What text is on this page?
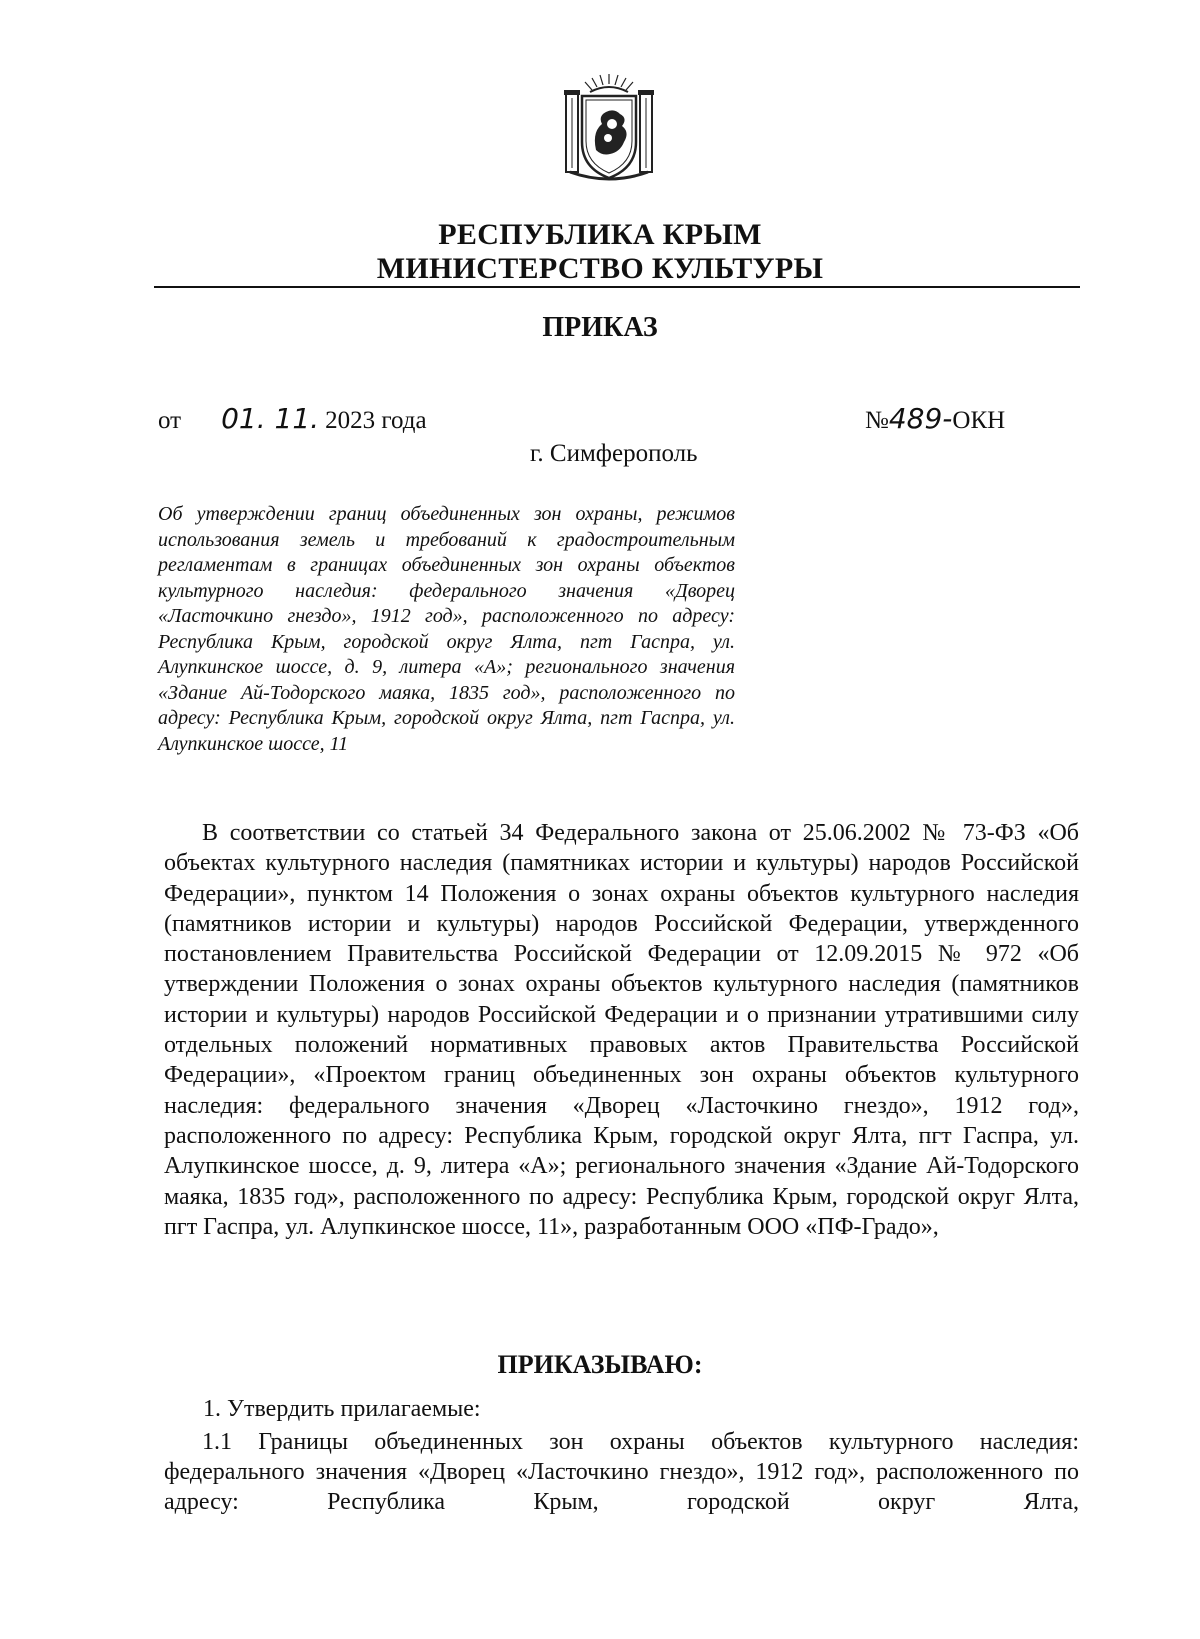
РЕСПУБЛИКА КРЫМ
МИНИСТЕРСТВО КУЛЬТУРЫ
ПРИКАЗ
от 01. 11. 2023 года	№489-ОКН
г. Симферополь
Об утверждении границ объединенных зон охраны, режимов использования земель и требований к градостроительным регламентам в границах объединенных зон охраны объектов культурного наследия: федерального значения «Дворец «Ласточкино гнездо», 1912 год», расположенного по адресу: Республика Крым, городской округ Ялта, пгт Гаспра, ул. Алупкинское шоссе, д. 9, литера «А»; регионального значения «Здание Ай-Тодорского маяка, 1835 год», расположенного по адресу: Республика Крым, городской округ Ялта, пгт Гаспра, ул. Алупкинское шоссе, 11
В соответствии со статьей 34 Федерального закона от 25.06.2002 № 73-ФЗ «Об объектах культурного наследия (памятниках истории и культуры) народов Российской Федерации», пунктом 14 Положения о зонах охраны объектов культурного наследия (памятников истории и культуры) народов Российской Федерации, утвержденного постановлением Правительства Российской Федерации от 12.09.2015 № 972 «Об утверждении Положения о зонах охраны объектов культурного наследия (памятников истории и культуры) народов Российской Федерации и о признании утратившими силу отдельных положений нормативных правовых актов Правительства Российской Федерации», «Проектом границ объединенных зон охраны объектов культурного наследия: федерального значения «Дворец «Ласточкино гнездо», 1912 год», расположенного по адресу: Республика Крым, городской округ Ялта, пгт Гаспра, ул. Алупкинское шоссе, д. 9, литера «А»; регионального значения «Здание Ай-Тодорского маяка, 1835 год», расположенного по адресу: Республика Крым, городской округ Ялта, пгт Гаспра, ул. Алупкинское шоссе, 11», разработанным ООО «ПФ-Градо»,
ПРИКАЗЫВАЮ:
1. Утвердить прилагаемые:
1.1 Границы объединенных зон охраны объектов культурного наследия: федерального значения «Дворец «Ласточкино гнездо», 1912 год», расположенного по адресу: Республика Крым, городской округ Ялта,
